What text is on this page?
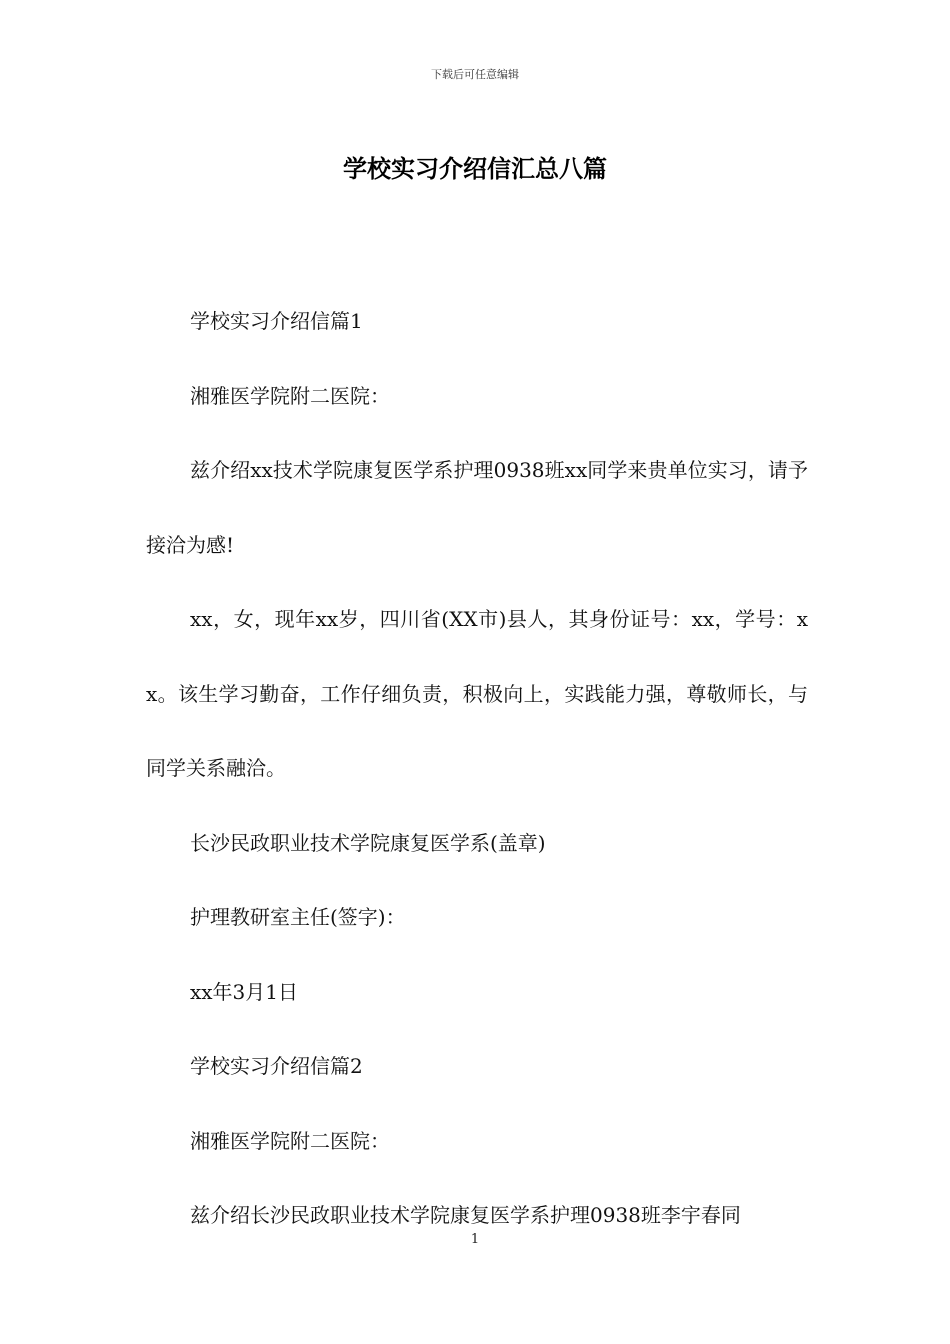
下载后可任意编辑
学校实习介绍信汇总八篇

学校实习介绍信篇1

湘雅医学院附二医院：

兹介绍xx技术学院康复医学系护理0938班xx同学来贵单位实习，请予接洽为感!

xx，女，现年xx岁，四川省(XX市)县人，其身份证号：xx，学号：xx。该生学习勤奋，工作仔细负责，积极向上，实践能力强，尊敬师长，与同学关系融洽。

长沙民政职业技术学院康复医学系(盖章)

护理教研室主任(签字)：

xx年3月1日

学校实习介绍信篇2

湘雅医学院附二医院：

兹介绍长沙民政职业技术学院康复医学系护理0938班李宇春同

1
